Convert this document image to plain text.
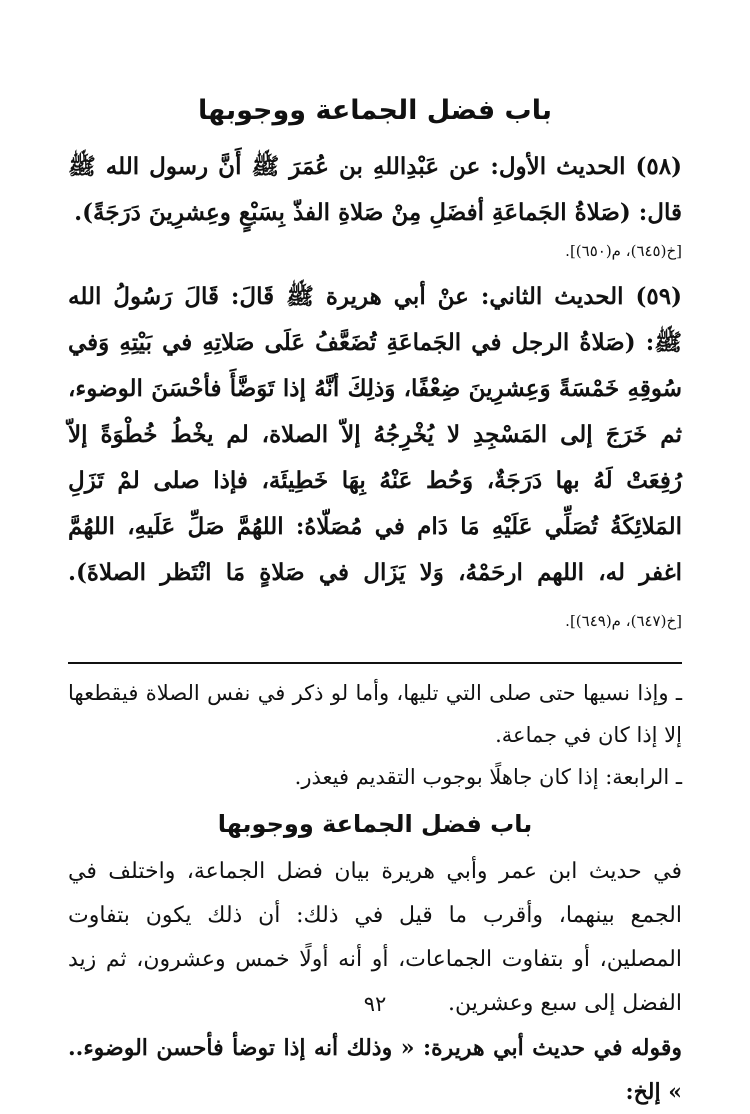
باب فضل الجماعة ووجوبها

(٥٨) الحديث الأول: عن عَبْدِاللهِ بن عُمَرَ ﷺ أَنَّ رسول الله ﷺ قال: (صَلاةُ الجَماعَةِ أفضَلِ مِنْ صَلاةِ الفذّ بِسَبْعٍ وعِشرِينَ دَرَجَةً).

[خ(٦٤٥)، م(٦٥٠)].

(٥٩) الحديث الثاني: عنْ أبي هريرة ﷺ قَالَ: قَالَ رَسُولُ الله ﷺ: (صَلاةُ الرجل في الجَماعَةِ تُضَعَّفُ عَلَى صَلاتِهِ في بَيْتِهِ وَفي سُوقِهِ خَمْسَةً وَعِشرِينَ ضِعْفًا، وَذلِكَ أنَّهُ إذا تَوَضَّأَ فأحْسَنَ الوضوء، ثم خَرَجَ إلى المَسْجِدِ لا يُخْرِجُهُ إلاّ الصلاة، لم يخْطُ خُطْوَةً إلاّ رُفِعَتْ لَهُ بها دَرَجَةٌ، وَحُط عَنْهُ بِهَا خَطِيئَة، فإذا صلى لمْ تَزَلِ المَلائِكَةُ تُصَلِّي عَلَيْهِ مَا دَام في مُصَلّاهُ: اللهُمَّ صَلِّ عَلَيهِ، اللهُمَّ اغفر له، اللهم ارحَمْهُ، وَلا يَزَال في صَلاةٍ مَا انْتَظر الصلاةَ). [خ(٦٤٧)، م(٦٤٩)].

ـ وإذا نسيها حتى صلى التي تليها، وأما لو ذكر في نفس الصلاة فيقطعها إلا إذا كان في جماعة.

ـ الرابعة: إذا كان جاهلًا بوجوب التقديم فيعذر.

باب فضل الجماعة ووجوبها

في حديث ابن عمر وأبي هريرة بيان فضل الجماعة، واختلف في الجمع بينهما، وأقرب ما قيل في ذلك: أن ذلك يكون بتفاوت المصلين، أو بتفاوت الجماعات، أو أنه أولًا خمس وعشرون، ثم زيد الفضل إلى سبع وعشرين.

وقوله في حديث أبي هريرة: « وذلك أنه إذا توضأ فأحسن الوضوء.. » إلخ:

٩٢
